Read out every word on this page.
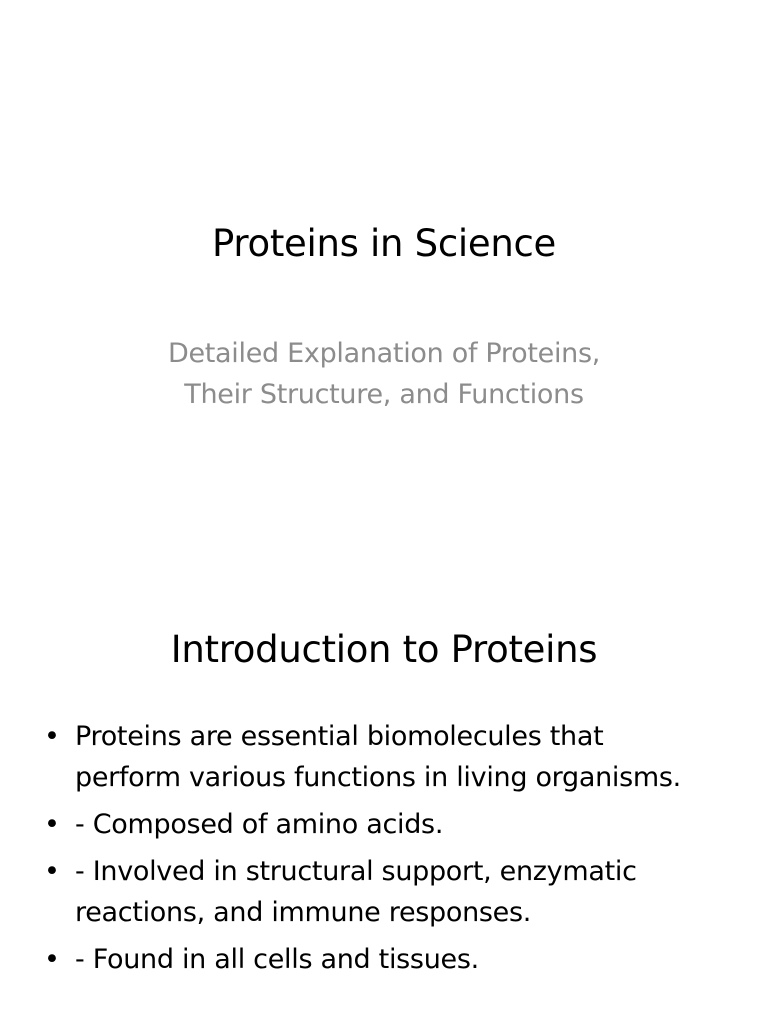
Proteins in Science
Detailed Explanation of Proteins,
Their Structure, and Functions
Introduction to Proteins
• Proteins are essential biomolecules that
perform various functions in living organisms.
• - Composed of amino acids.
• - Involved in structural support, enzymatic
reactions, and immune responses.
• - Found in all cells and tissues.
